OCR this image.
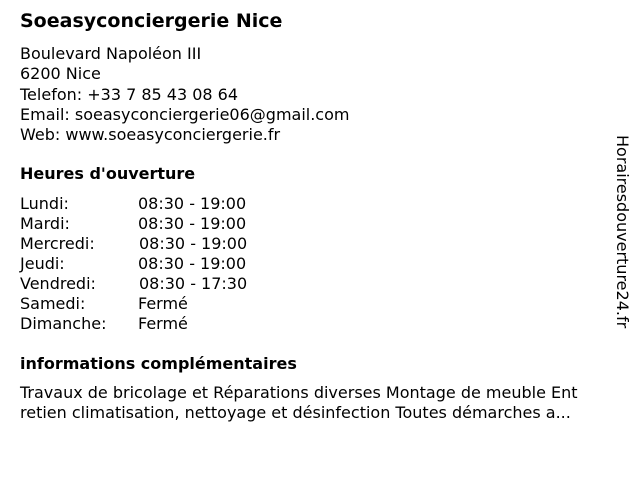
Soeasyconciergerie Nice
Boulevard Napoléon III
6200 Nice
Telefon: +33 7 85 43 08 64
Email: soeasyconciergerie06@gmail.com
Web: www.soeasyconciergerie.fr
Heures d'ouverture
Lundi:	08:30 - 19:00
Mardi:	08:30 - 19:00
Mercredi:	08:30 - 19:00
Jeudi:	08:30 - 19:00
Vendredi:	08:30 - 17:30
Samedi:	Fermé
Dimanche: Fermé
informations complémentaires
Travaux de bricolage et Réparations diverses Montage de meuble Ent
retien climatisation, nettoyage et désinfection Toutes démarches a...
Horairesdouverture24.fr
